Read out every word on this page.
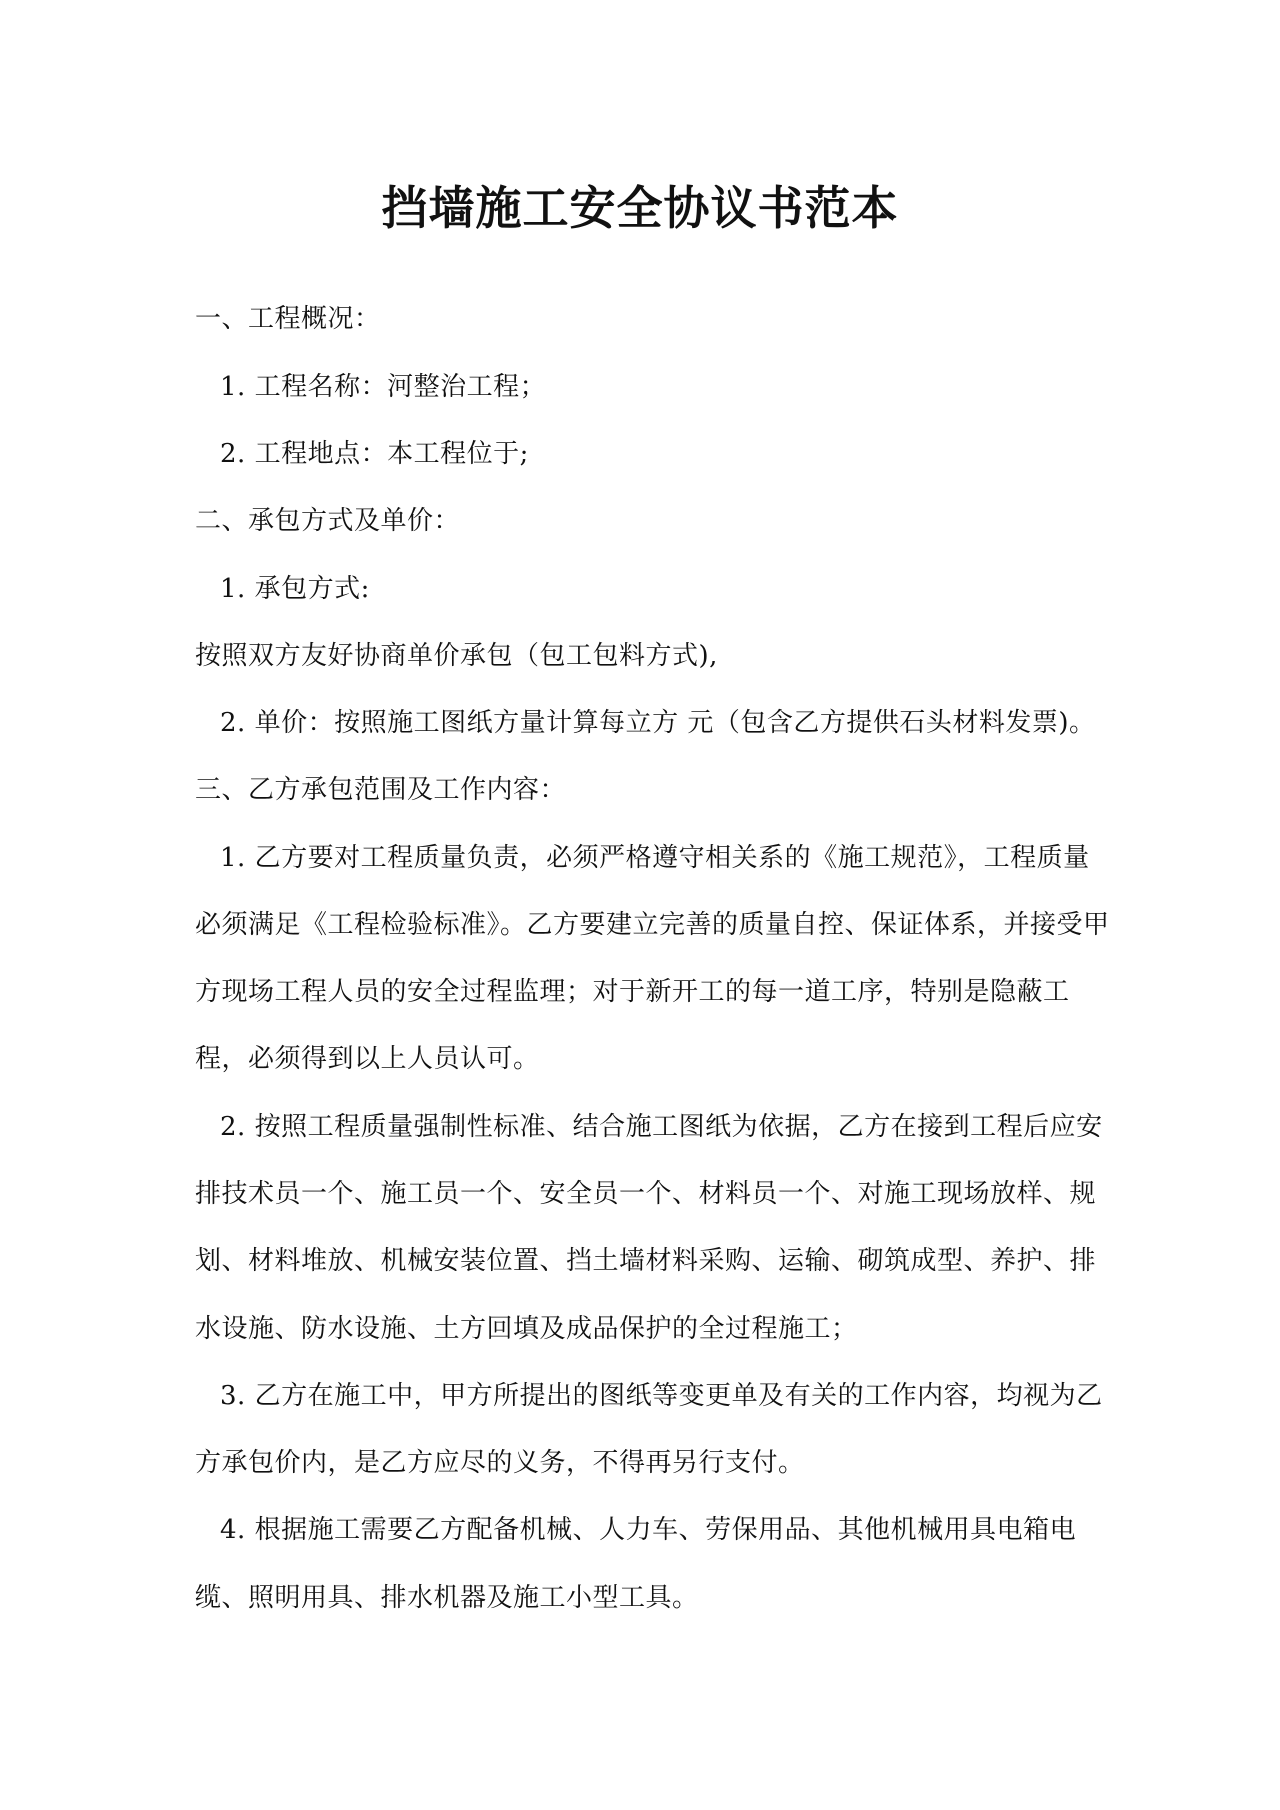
挡墙施工安全协议书范本
一、工程概况：
1. 工程名称：河整治工程；
2. 工程地点：本工程位于;
二、承包方式及单价：
1. 承包方式:
按照双方友好协商单价承包（包工包料方式),
2. 单价：按照施工图纸方量计算每立方 元（包含乙方提供石头材料发票)。
三、乙方承包范围及工作内容：
1. 乙方要对工程质量负责，必须严格遵守相关系的《施工规范》，工程质量
必须满足《工程检验标准》。乙方要建立完善的质量自控、保证体系，并接受甲
方现场工程人员的安全过程监理；对于新开工的每一道工序，特别是隐蔽工
程，必须得到以上人员认可。
2. 按照工程质量强制性标准、结合施工图纸为依据，乙方在接到工程后应安
排技术员一个、施工员一个、安全员一个、材料员一个、对施工现场放样、规
划、材料堆放、机械安装位置、挡土墙材料采购、运输、砌筑成型、养护、排
水设施、防水设施、土方回填及成品保护的全过程施工；
3. 乙方在施工中，甲方所提出的图纸等变更单及有关的工作内容，均视为乙
方承包价内，是乙方应尽的义务，不得再另行支付。
4. 根据施工需要乙方配备机械、人力车、劳保用品、其他机械用具电箱电
缆、照明用具、排水机器及施工小型工具。
